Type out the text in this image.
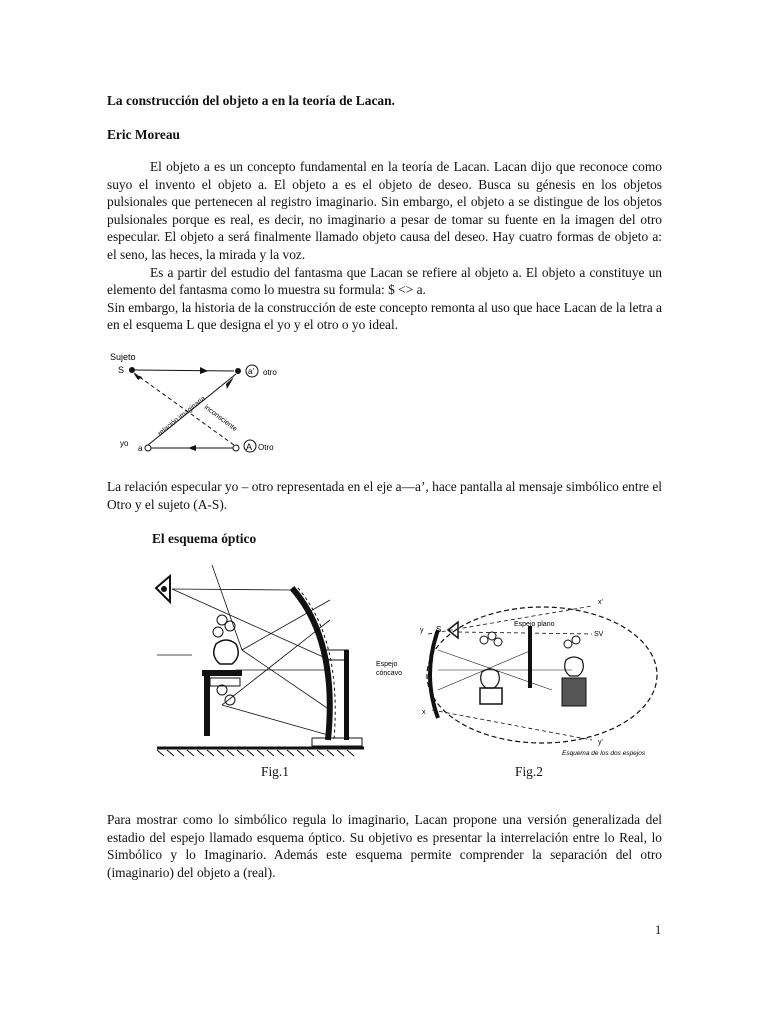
La construcción del objeto a en la teoría de Lacan.
Eric Moreau

El objeto a es un concepto fundamental en la teoría de Lacan. Lacan dijo que reconoce como suyo el invento el objeto a. El objeto a es el objeto de deseo. Busca su génesis en los objetos pulsionales que pertenecen al registro imaginario. Sin embargo, el objeto a se distingue de los objetos pulsionales porque es real, es decir, no imaginario a pesar de tomar su fuente en la imagen del otro especular. El objeto a será finalmente llamado objeto causa del deseo. Hay cuatro formas de objeto a: el seno, las heces, la mirada y la voz.

Es a partir del estudio del fantasma que Lacan se refiere al objeto a. El objeto a constituye un elemento del fantasma como lo muestra su formula: $ <> a.

Sin embargo, la historia de la construcción de este concepto remonta al uso que hace Lacan de la letra a en el esquema L que designa el yo y el otro o yo ideal.

Sujeto
S	a' otro
yo
a	A Otro
relación imaginaria
inconsciente
La relación especular yo – otro representada en el eje a—a’, hace pantalla al mensaje simbólico entre el Otro y el sujeto (A-S).
El esquema óptico
Espejo
cóncavo
Espejo plano
S
SV
y
x
x'
y'
Esquema de los dos espejos
Fig.1	Fig.2
Para mostrar como lo simbólico regula lo imaginario, Lacan propone una versión generalizada del estadio del espejo llamado esquema óptico. Su objetivo es presentar la interrelación entre lo Real, lo Simbólico y lo Imaginario. Además este esquema permite comprender la separación del otro (imaginario) del objeto a (real).
1
